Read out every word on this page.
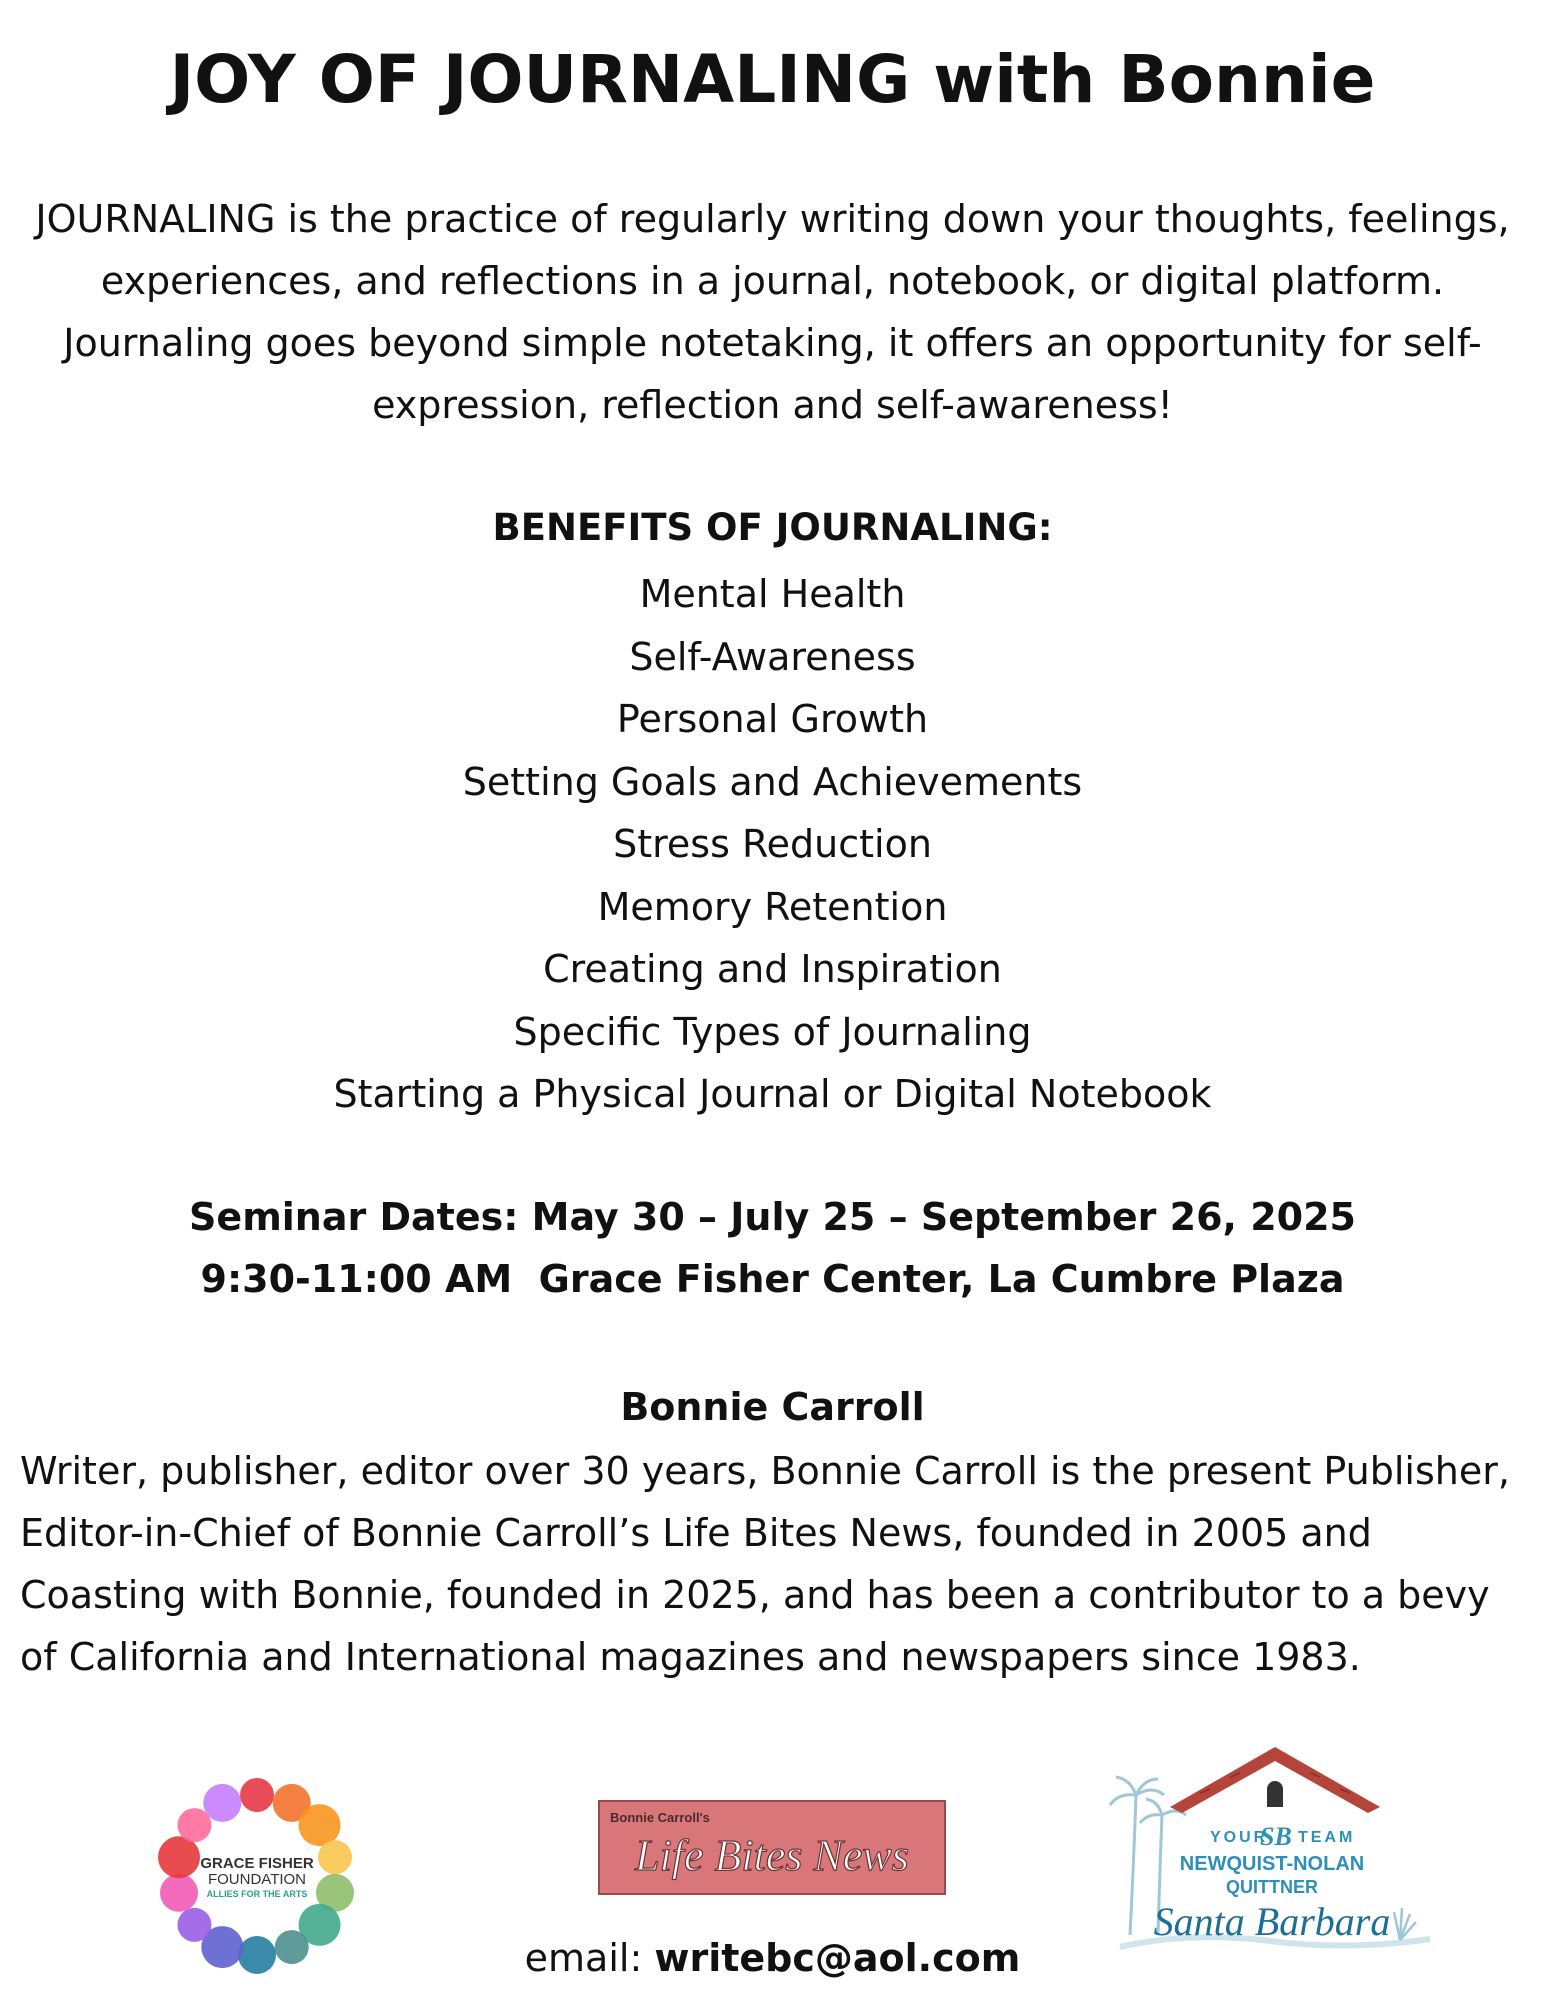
JOY OF JOURNALING with Bonnie

JOURNALING is the practice of regularly writing down your thoughts, feelings, experiences, and reflections in a journal, notebook, or digital platform. Journaling goes beyond simple notetaking, it offers an opportunity for self-expression, reflection and self-awareness!

BENEFITS OF JOURNALING:
Mental Health
Self-Awareness
Personal Growth
Setting Goals and Achievements
Stress Reduction
Memory Retention
Creating and Inspiration
Specific Types of Journaling
Starting a Physical Journal or Digital Notebook
Seminar Dates: May 30 – July 25 – September 26, 2025
9:30-11:00 AM  Grace Fisher Center, La Cumbre Plaza
Bonnie Carroll

Writer, publisher, editor over 30 years, Bonnie Carroll is the present Publisher, Editor-in-Chief of Bonnie Carroll’s Life Bites News, founded in 2005 and Coasting with Bonnie, founded in 2025, and has been a contributor to a bevy of California and International magazines and newspapers since 1983.

GRACE FISHER
FOUNDATION
ALLIES FOR THE ARTS
Bonnie Carroll's
Life Bites News	YOUR
SB TEAM
NEWQUIST-NOLAN
QUITTNER
Santa Barbara

email: writebc@aol.com
